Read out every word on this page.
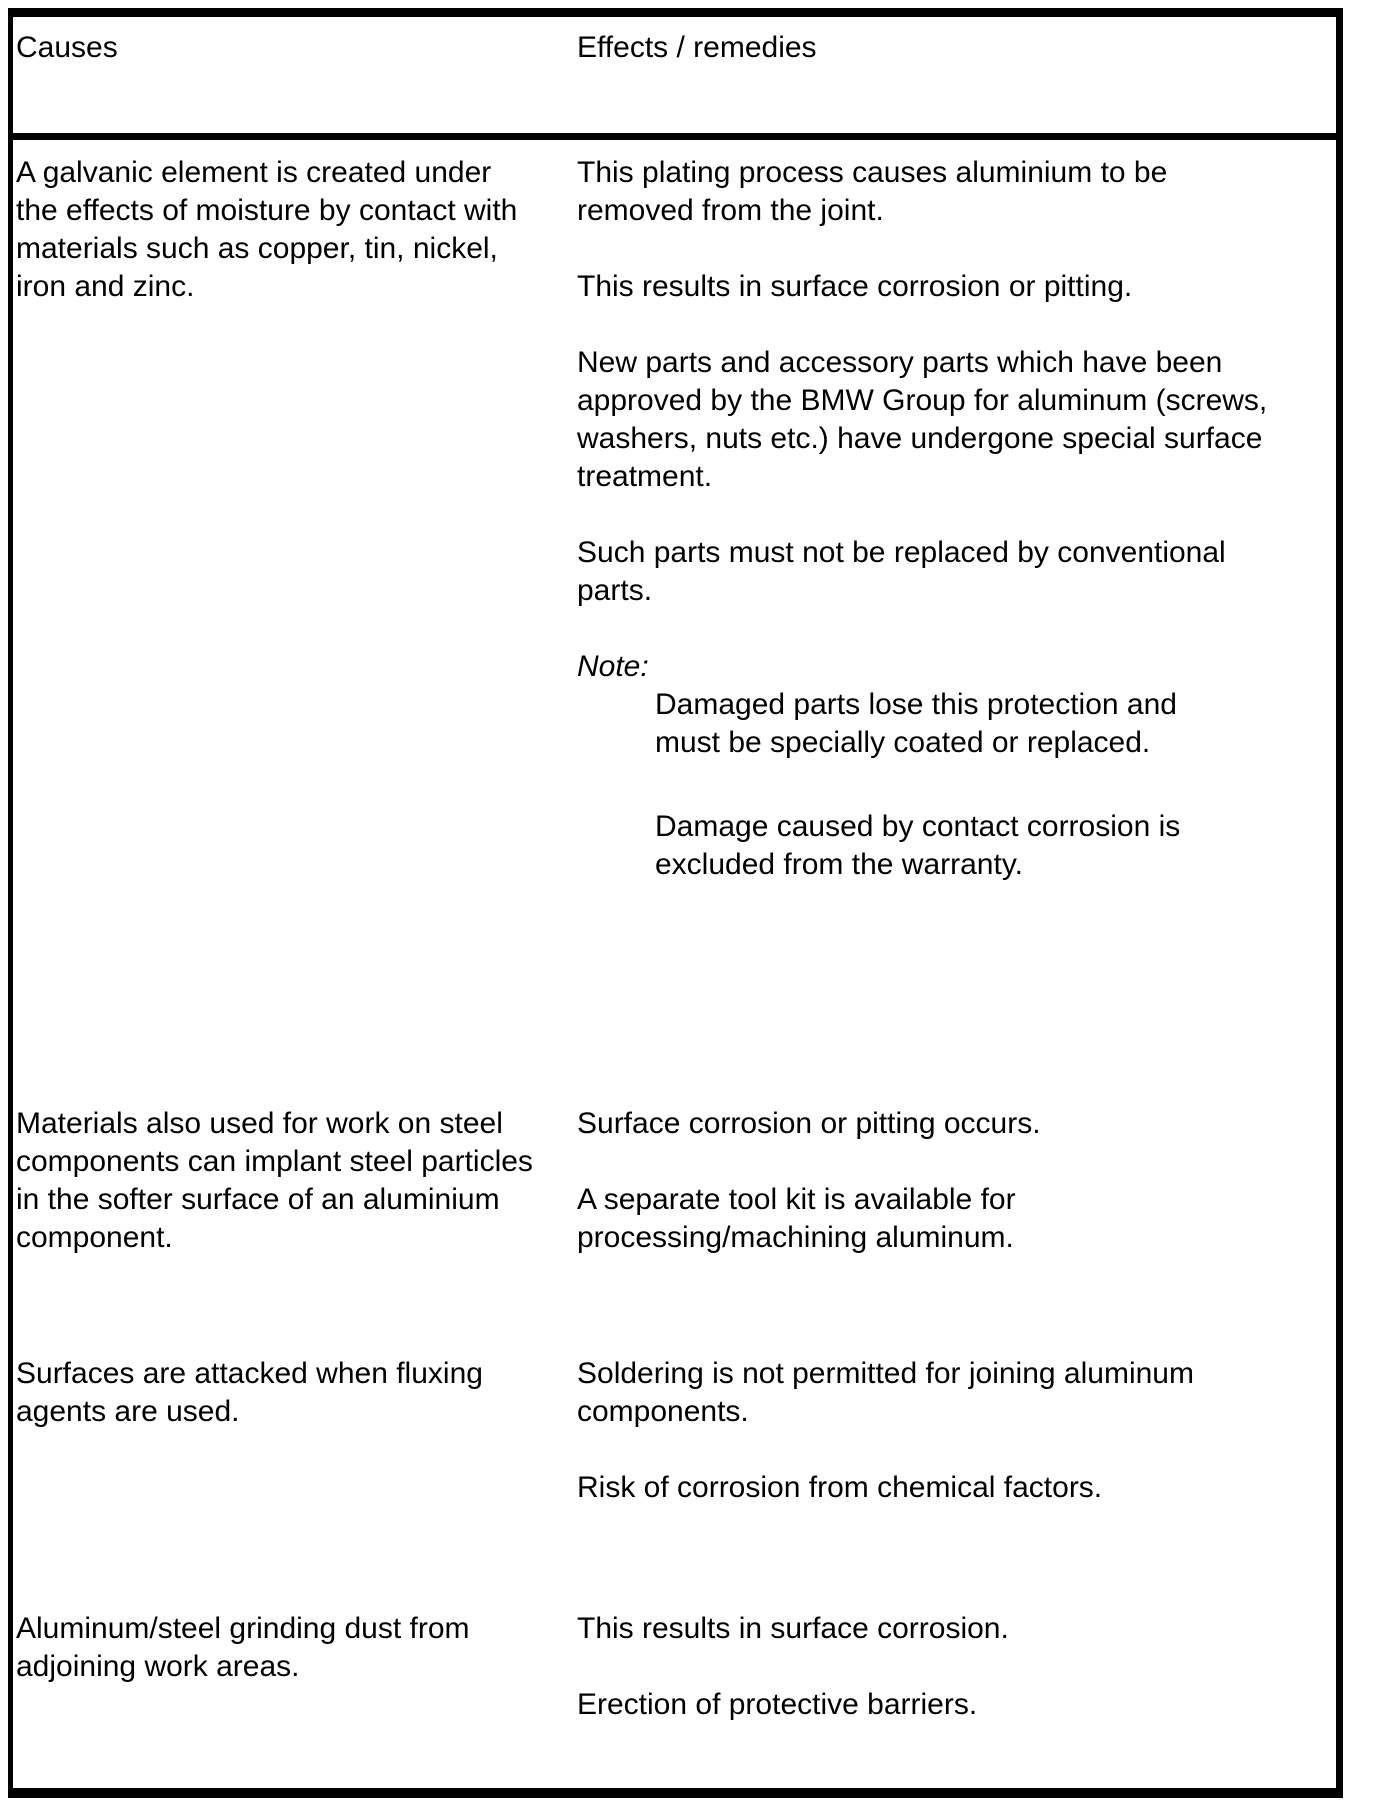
Causes	Effects / remedies

A galvanic element is created under the effects of moisture by contact with materials such as copper, tin, nickel, iron and zinc.

This plating process causes aluminium to be removed from the joint.

This results in surface corrosion or pitting.

New parts and accessory parts which have been approved by the BMW Group for aluminum (screws, washers, nuts etc.) have undergone special surface treatment.

Such parts must not be replaced by conventional parts.

Note:

Damaged parts lose this protection and must be specially coated or replaced.

Damage caused by contact corrosion is excluded from the warranty.

Materials also used for work on steel components can implant steel particles in the softer surface of an aluminium component.

Surface corrosion or pitting occurs.

A separate tool kit is available for processing/machining aluminum.

Surfaces are attacked when fluxing agents are used.

Soldering is not permitted for joining aluminum components.

Risk of corrosion from chemical factors.

Aluminum/steel grinding dust from adjoining work areas.

This results in surface corrosion.

Erection of protective barriers.
